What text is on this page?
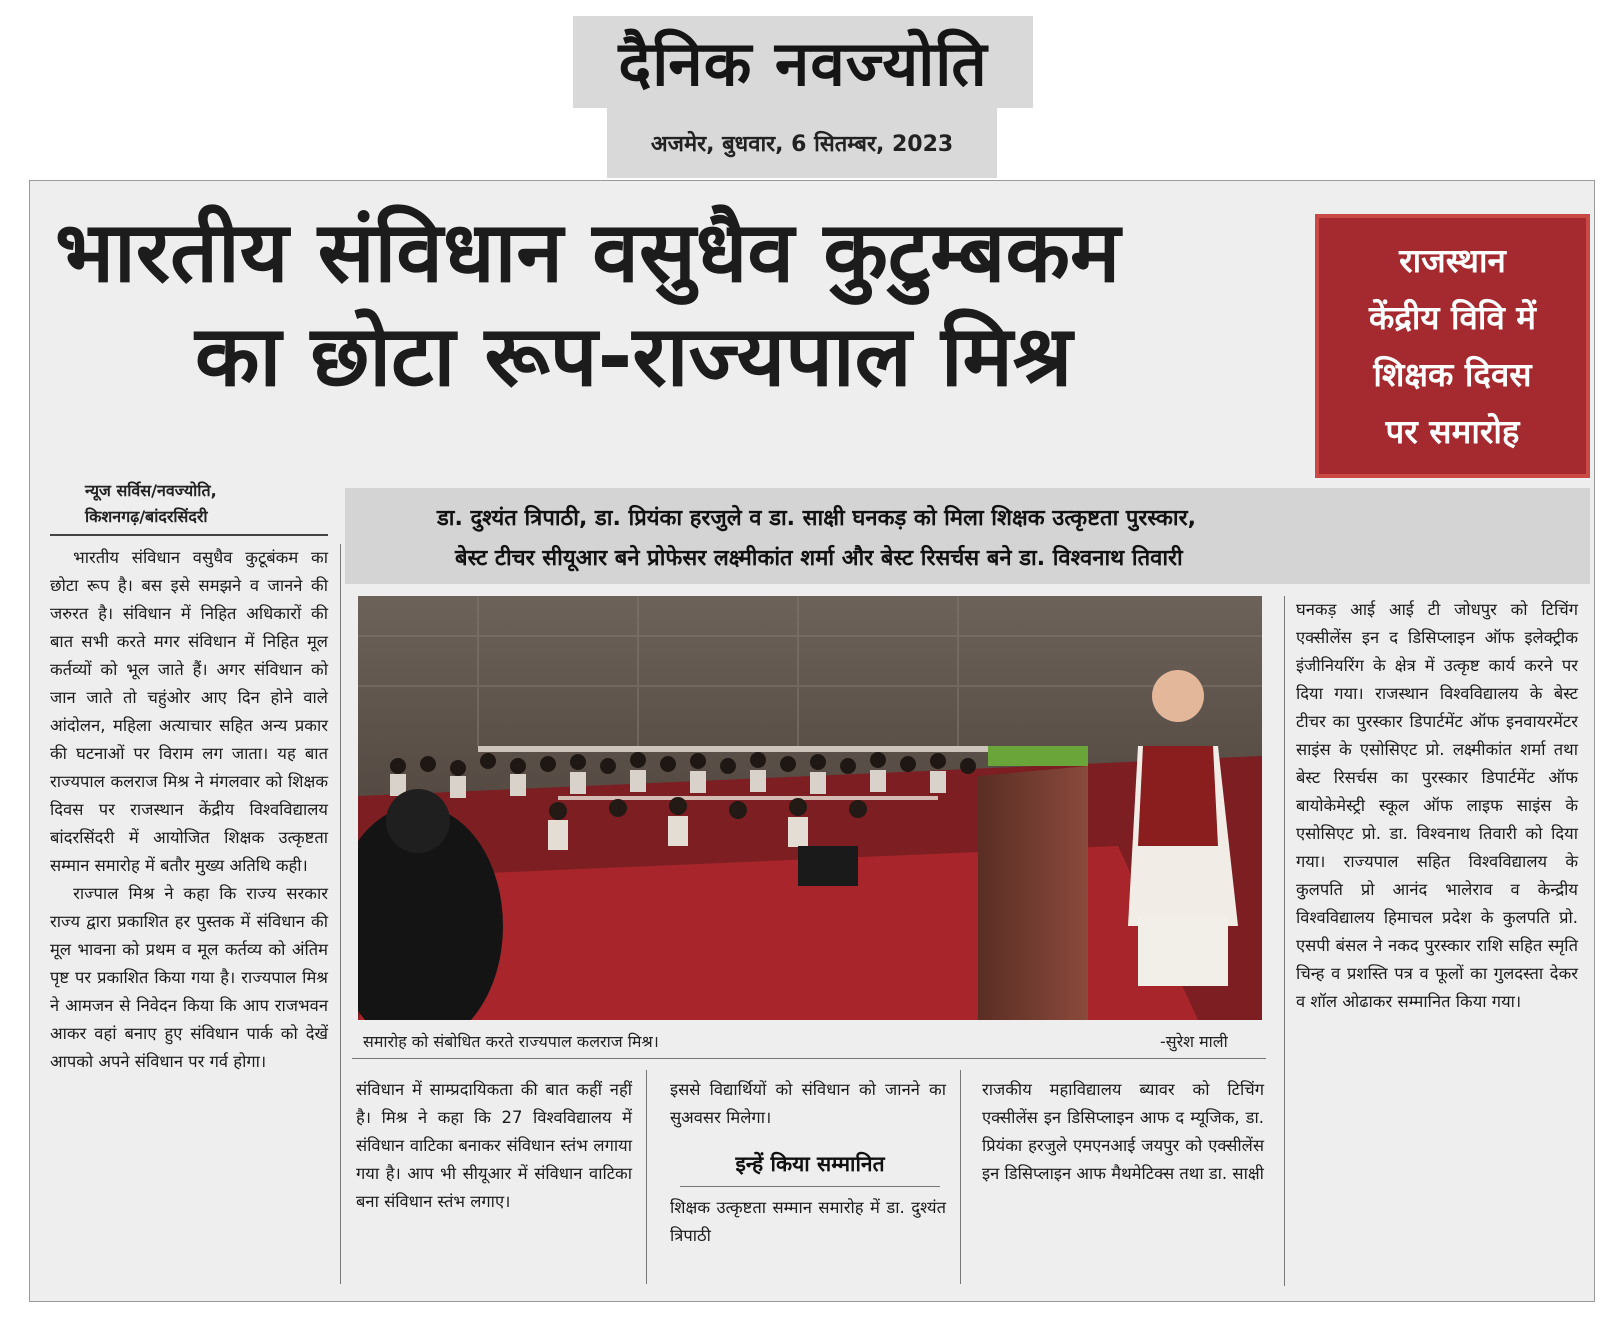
दैनिक नवज्योति
अजमेर, बुधवार, 6 सितम्बर, 2023
भारतीय संविधान वसुधैव कुटुम्बकम
का छोटा रूप-राज्यपाल मिश्र
राजस्थान
केंद्रीय विवि में
शिक्षक दिवस
पर समारोह
न्यूज सर्विस/नवज्योति,
किशनगढ़/बांदरसिंदरी	डा. दुश्यंत त्रिपाठी, डा. प्रियंका हरजुले व डा. साक्षी घनकड़ को मिला शिक्षक उत्कृष्टता पुरस्कार,
बेस्ट टीचर सीयूआर बने प्रोफेसर लक्ष्मीकांत शर्मा और बेस्ट रिसर्चस बने डा. विश्वनाथ तिवारी

भारतीय संविधान वसुधैव कुटूबंकम का छोटा रूप है। बस इसे समझने व जानने की जरुरत है। संविधान में निहित अधिकारों की बात सभी करते मगर संविधान में निहित मूल कर्तव्यों को भूल जाते हैं। अगर संविधान को जान जाते तो चहुंओर आए दिन होने वाले आंदोलन, महिला अत्याचार सहित अन्य प्रकार की घटनाओं पर विराम लग जाता। यह बात राज्यपाल कलराज मिश्र ने मंगलवार को शिक्षक दिवस पर राजस्थान केंद्रीय विश्वविद्यालय बांदरसिंदरी में आयोजित शिक्षक उत्कृष्टता सम्मान समारोह में बतौर मुख्य अतिथि कही।

राज्पाल मिश्र ने कहा कि राज्य सरकार राज्य द्वारा प्रकाशित हर पुस्तक में संविधान की मूल भावना को प्रथम व मूल कर्तव्य को अंतिम पृष्ट पर प्रकाशित किया गया है। राज्यपाल मिश्र ने आमजन से निवेदन किया कि आप राजभवन आकर वहां बनाए हुए संविधान पार्क को देखें आपको अपने संविधान पर गर्व होगा।

समारोह को संबोधित करते राज्यपाल कलराज मिश्र।	-सुरेश माली
घनकड़ आई आई टी जोधपुर को टिचिंग एक्सीलेंस इन द डिसिप्लाइन ऑफ इलेक्ट्रीक इंजीनियरिंग के क्षेत्र में उत्कृष्ट कार्य करने पर दिया गया। राजस्थान विश्वविद्यालय के बेस्ट टीचर का पुरस्कार डिपार्टमेंट ऑफ इनवायरमेंटर साइंस के एसोसिएट प्रो. लक्ष्मीकांत शर्मा तथा बेस्ट रिसर्चस का पुरस्कार डिपार्टमेंट ऑफ बायोकेमेस्ट्री स्कूल ऑफ लाइफ साइंस के एसोसिएट प्रो. डा. विश्वनाथ तिवारी को दिया गया। राज्यपाल सहित विश्वविद्यालय के कुलपति प्रो आनंद भालेराव व केन्द्रीय विश्वविद्यालय हिमाचल प्रदेश के कुलपति प्रो. एसपी बंसल ने नकद पुरस्कार राशि सहित स्मृति चिन्ह व प्रशस्ति पत्र व फूलों का गुलदस्ता देकर व शॉल ओढाकर सम्मानित किया गया।
संविधान में साम्प्रदायिकता की बात कहीं नहीं है। मिश्र ने कहा कि 27 विश्वविद्यालय में संविधान वाटिका बनाकर संविधान स्तंभ लगाया गया है। आप भी सीयूआर में संविधान वाटिका बना संविधान स्तंभ लगाए।
इससे विद्यार्थियों को संविधान को जानने का सुअवसर मिलेगा।
इन्हें किया सम्मानित
शिक्षक उत्कृष्टता सम्मान समारोह में डा. दुश्यंत त्रिपाठी
राजकीय महाविद्यालय ब्यावर को टिचिंग एक्सीलेंस इन डिसिप्लाइन आफ द म्यूजिक, डा. प्रियंका हरजुले एमएनआई जयपुर को एक्सीलेंस इन डिसिप्लाइन आफ मैथमेटिक्स तथा डा. साक्षी
